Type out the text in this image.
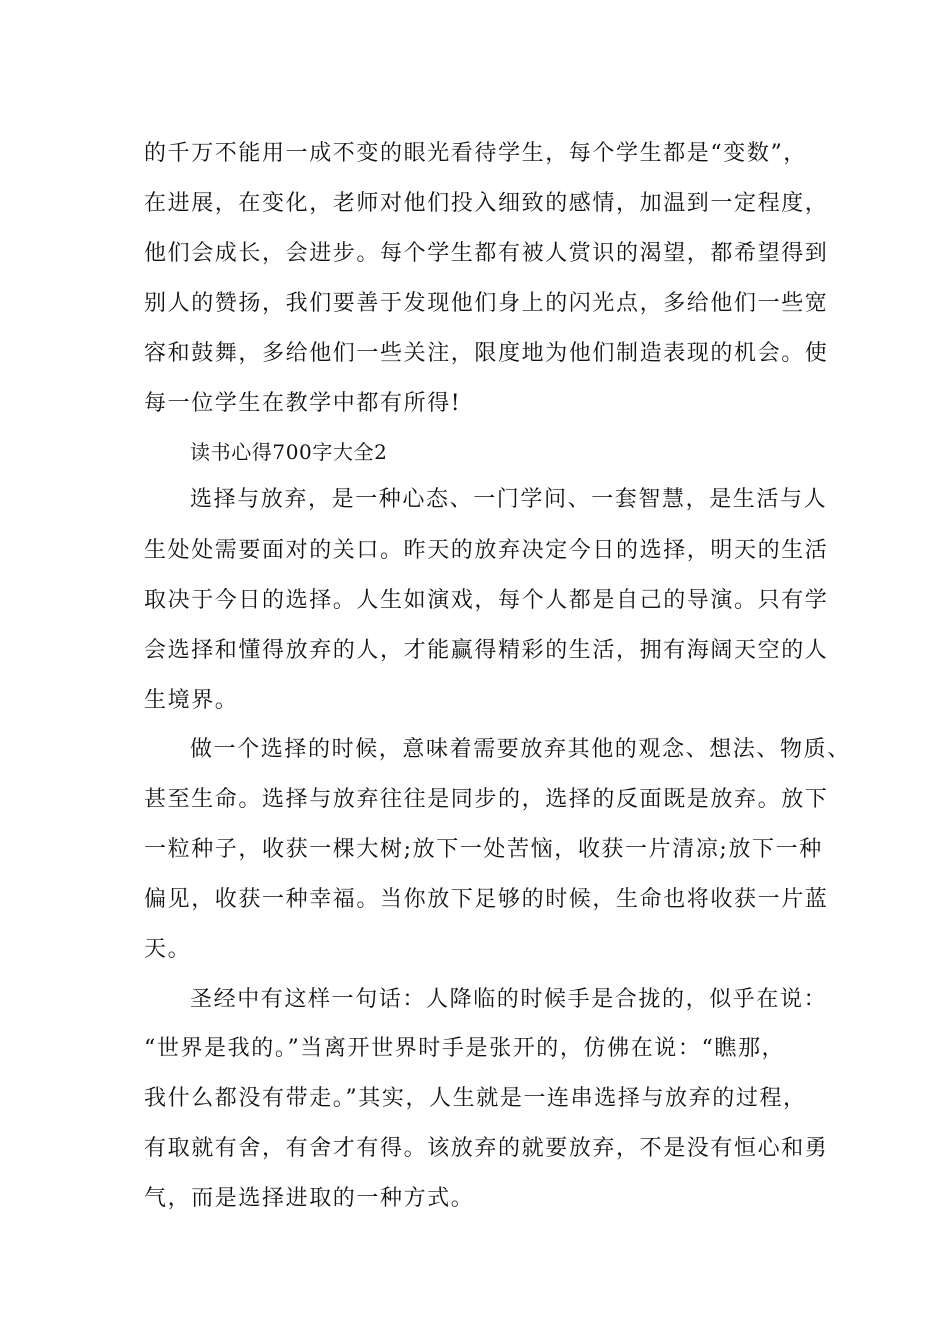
的千万不能用一成不变的眼光看待学生，每个学生都是“变数”，
在进展，在变化，老师对他们投入细致的感情，加温到一定程度，
他们会成长，会进步。每个学生都有被人赏识的渴望，都希望得到
别人的赞扬，我们要善于发现他们身上的闪光点，多给他们一些宽
容和鼓舞，多给他们一些关注，限度地为他们制造表现的机会。使
每一位学生在教学中都有所得!
读书心得700字大全2
选择与放弃，是一种心态、一门学问、一套智慧，是生活与人
生处处需要面对的关口。昨天的放弃决定今日的选择，明天的生活
取决于今日的选择。人生如演戏，每个人都是自己的导演。只有学
会选择和懂得放弃的人，才能赢得精彩的生活，拥有海阔天空的人
生境界。
做一个选择的时候，意味着需要放弃其他的观念、想法、物质、
甚至生命。选择与放弃往往是同步的，选择的反面既是放弃。放下
一粒种子，收获一棵大树;放下一处苦恼，收获一片清凉;放下一种
偏见，收获一种幸福。当你放下足够的时候，生命也将收获一片蓝
天。
圣经中有这样一句话：人降临的时候手是合拢的，似乎在说：
“世界是我的。”当离开世界时手是张开的，仿佛在说：“瞧那，
我什么都没有带走。”其实，人生就是一连串选择与放弃的过程，
有取就有舍，有舍才有得。该放弃的就要放弃，不是没有恒心和勇
气，而是选择进取的一种方式。
